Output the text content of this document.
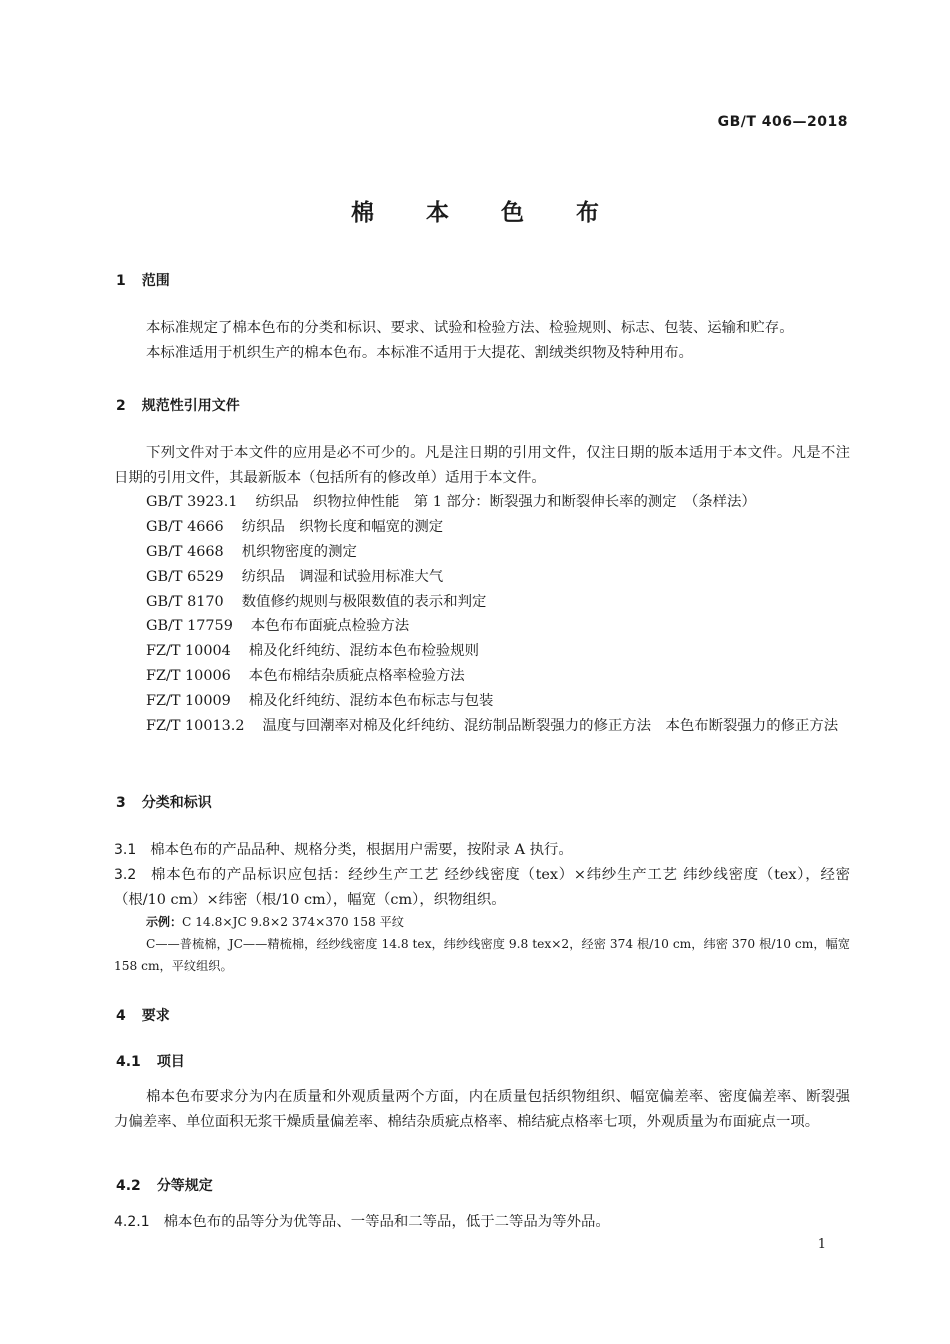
GB/T 406—2018
棉 本 色 布
1 范围
本标准规定了棉本色布的分类和标识、要求、试验和检验方法、检验规则、标志、包装、运输和贮存。
本标准适用于机织生产的棉本色布。本标准不适用于大提花、割绒类织物及特种用布。
2 规范性引用文件
下列文件对于本文件的应用是必不可少的。凡是注日期的引用文件，仅注日期的版本适用于本文件。凡是不注日期的引用文件，其最新版本（包括所有的修改单）适用于本文件。
GB/T 3923.1 纺织品　织物拉伸性能　第 1 部分：断裂强力和断裂伸长率的测定　（条样法）
GB/T 4666 纺织品　织物长度和幅宽的测定
GB/T 4668 机织物密度的测定
GB/T 6529 纺织品　调湿和试验用标准大气
GB/T 8170 数值修约规则与极限数值的表示和判定
GB/T 17759 本色布布面疵点检验方法
FZ/T 10004 棉及化纤纯纺、混纺本色布检验规则
FZ/T 10006 本色布棉结杂质疵点格率检验方法
FZ/T 10009 棉及化纤纯纺、混纺本色布标志与包装
FZ/T 10013.2 温度与回潮率对棉及化纤纯纺、混纺制品断裂强力的修正方法　本色布断裂强力的修正方法
3 分类和标识
3.1 棉本色布的产品品种、规格分类，根据用户需要，按附录 A 执行。
3.2 棉本色布的产品标识应包括：经纱生产工艺 经纱线密度（tex）×纬纱生产工艺 纬纱线密度（tex），经密（根/10 cm）×纬密（根/10 cm），幅宽（cm），织物组织。
示例：C 14.8×JC 9.8×2 374×370 158 平纹
C——普梳棉，JC——精梳棉，经纱线密度 14.8 tex，纬纱线密度 9.8 tex×2，经密 374 根/10 cm，纬密 370 根/10 cm，幅宽 158 cm，平纹组织。
4 要求
4.1 项目
棉本色布要求分为内在质量和外观质量两个方面，内在质量包括织物组织、幅宽偏差率、密度偏差率、断裂强力偏差率、单位面积无浆干燥质量偏差率、棉结杂质疵点格率、棉结疵点格率七项，外观质量为布面疵点一项。
4.2 分等规定
4.2.1 棉本色布的品等分为优等品、一等品和二等品，低于二等品为等外品。
1
